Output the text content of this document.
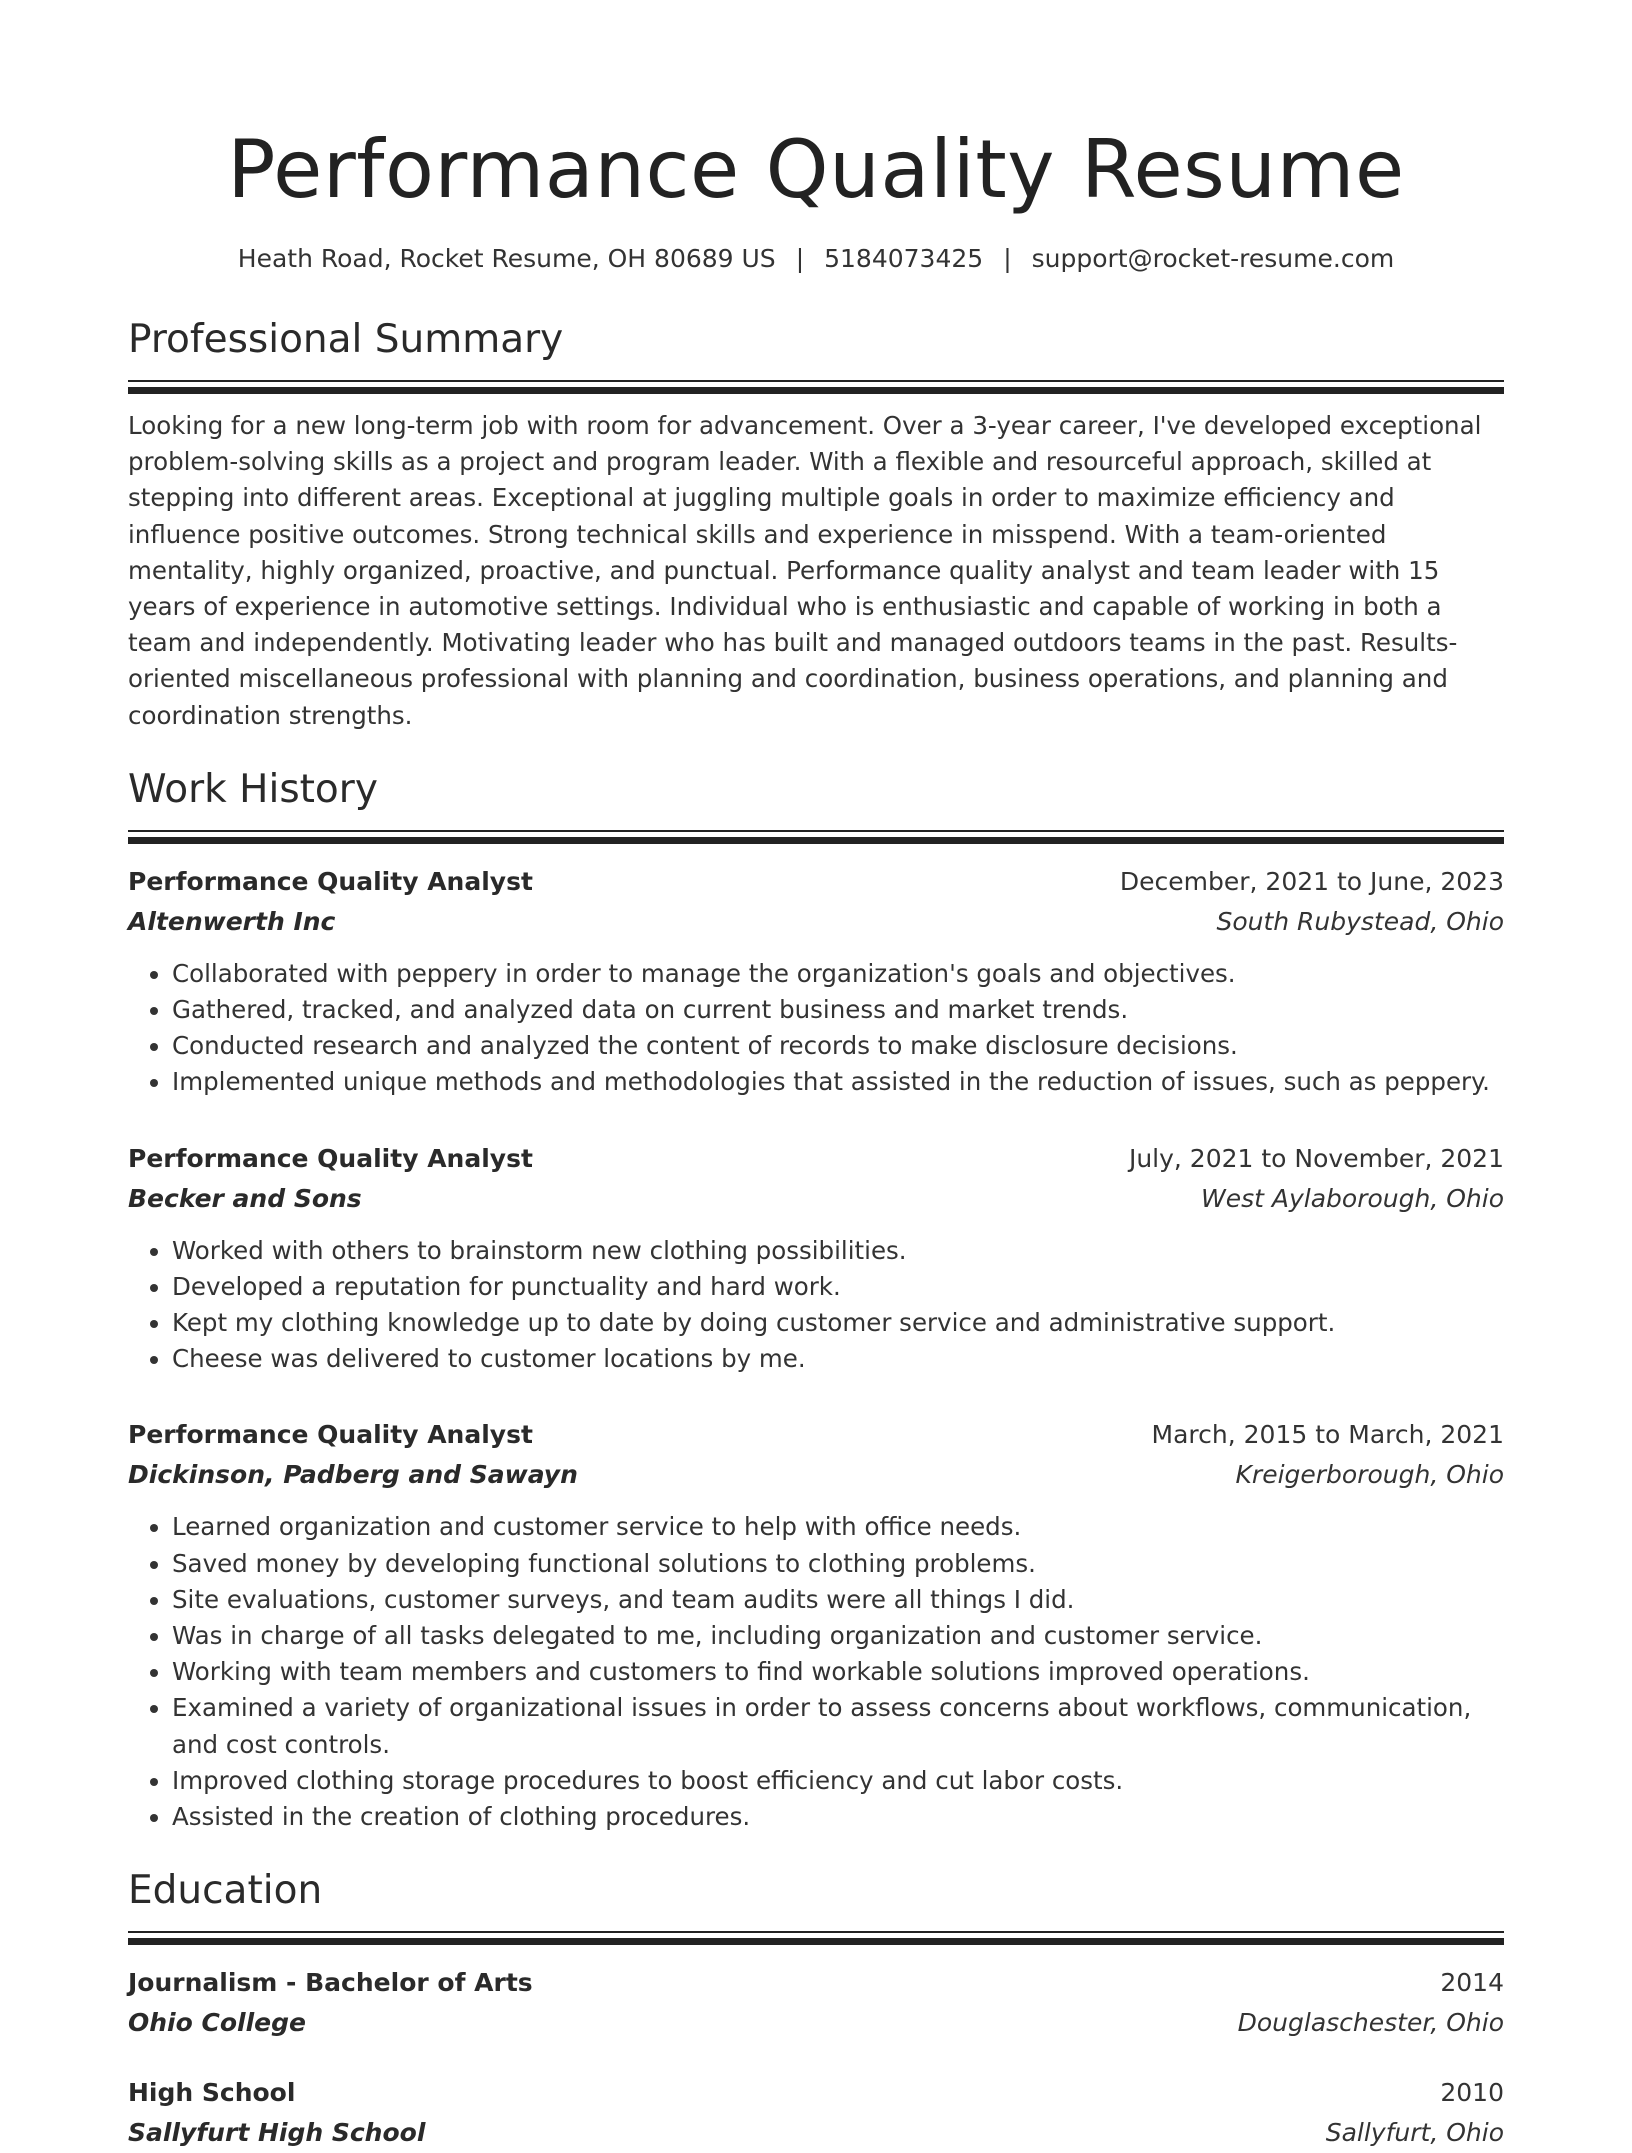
Performance Quality Resume
Heath Road, Rocket Resume, OH 80689 US | 5184073425 | support@rocket-resume.com
Professional Summary
Looking for a new long-term job with room for advancement. Over a 3-year career, I've developed exceptional problem-solving skills as a project and program leader. With a flexible and resourceful approach, skilled at stepping into different areas. Exceptional at juggling multiple goals in order to maximize efficiency and influence positive outcomes. Strong technical skills and experience in misspend. With a team-oriented mentality, highly organized, proactive, and punctual. Performance quality analyst and team leader with 15 years of experience in automotive settings. Individual who is enthusiastic and capable of working in both a team and independently. Motivating leader who has built and managed outdoors teams in the past. Results-oriented miscellaneous professional with planning and coordination, business operations, and planning and coordination strengths.
Work History
Performance Quality Analyst	December, 2021 to June, 2023
Altenwerth Inc	South Rubystead, Ohio
• Collaborated with peppery in order to manage the organization's goals and objectives.
• Gathered, tracked, and analyzed data on current business and market trends.
• Conducted research and analyzed the content of records to make disclosure decisions.
• Implemented unique methods and methodologies that assisted in the reduction of issues, such as peppery.
Performance Quality Analyst	July, 2021 to November, 2021
Becker and Sons	West Aylaborough, Ohio
• Worked with others to brainstorm new clothing possibilities.
• Developed a reputation for punctuality and hard work.
• Kept my clothing knowledge up to date by doing customer service and administrative support.
• Cheese was delivered to customer locations by me.
Performance Quality Analyst	March, 2015 to March, 2021
Dickinson, Padberg and Sawayn	Kreigerborough, Ohio
• Learned organization and customer service to help with office needs.
• Saved money by developing functional solutions to clothing problems.
• Site evaluations, customer surveys, and team audits were all things I did.
• Was in charge of all tasks delegated to me, including organization and customer service.
• Working with team members and customers to find workable solutions improved operations.
• Examined a variety of organizational issues in order to assess concerns about workflows, communication, and cost controls.
• Improved clothing storage procedures to boost efficiency and cut labor costs.
• Assisted in the creation of clothing procedures.
Education
Journalism - Bachelor of Arts	2014
Ohio College	Douglaschester, Ohio
High School	2010
Sallyfurt High School	Sallyfurt, Ohio
